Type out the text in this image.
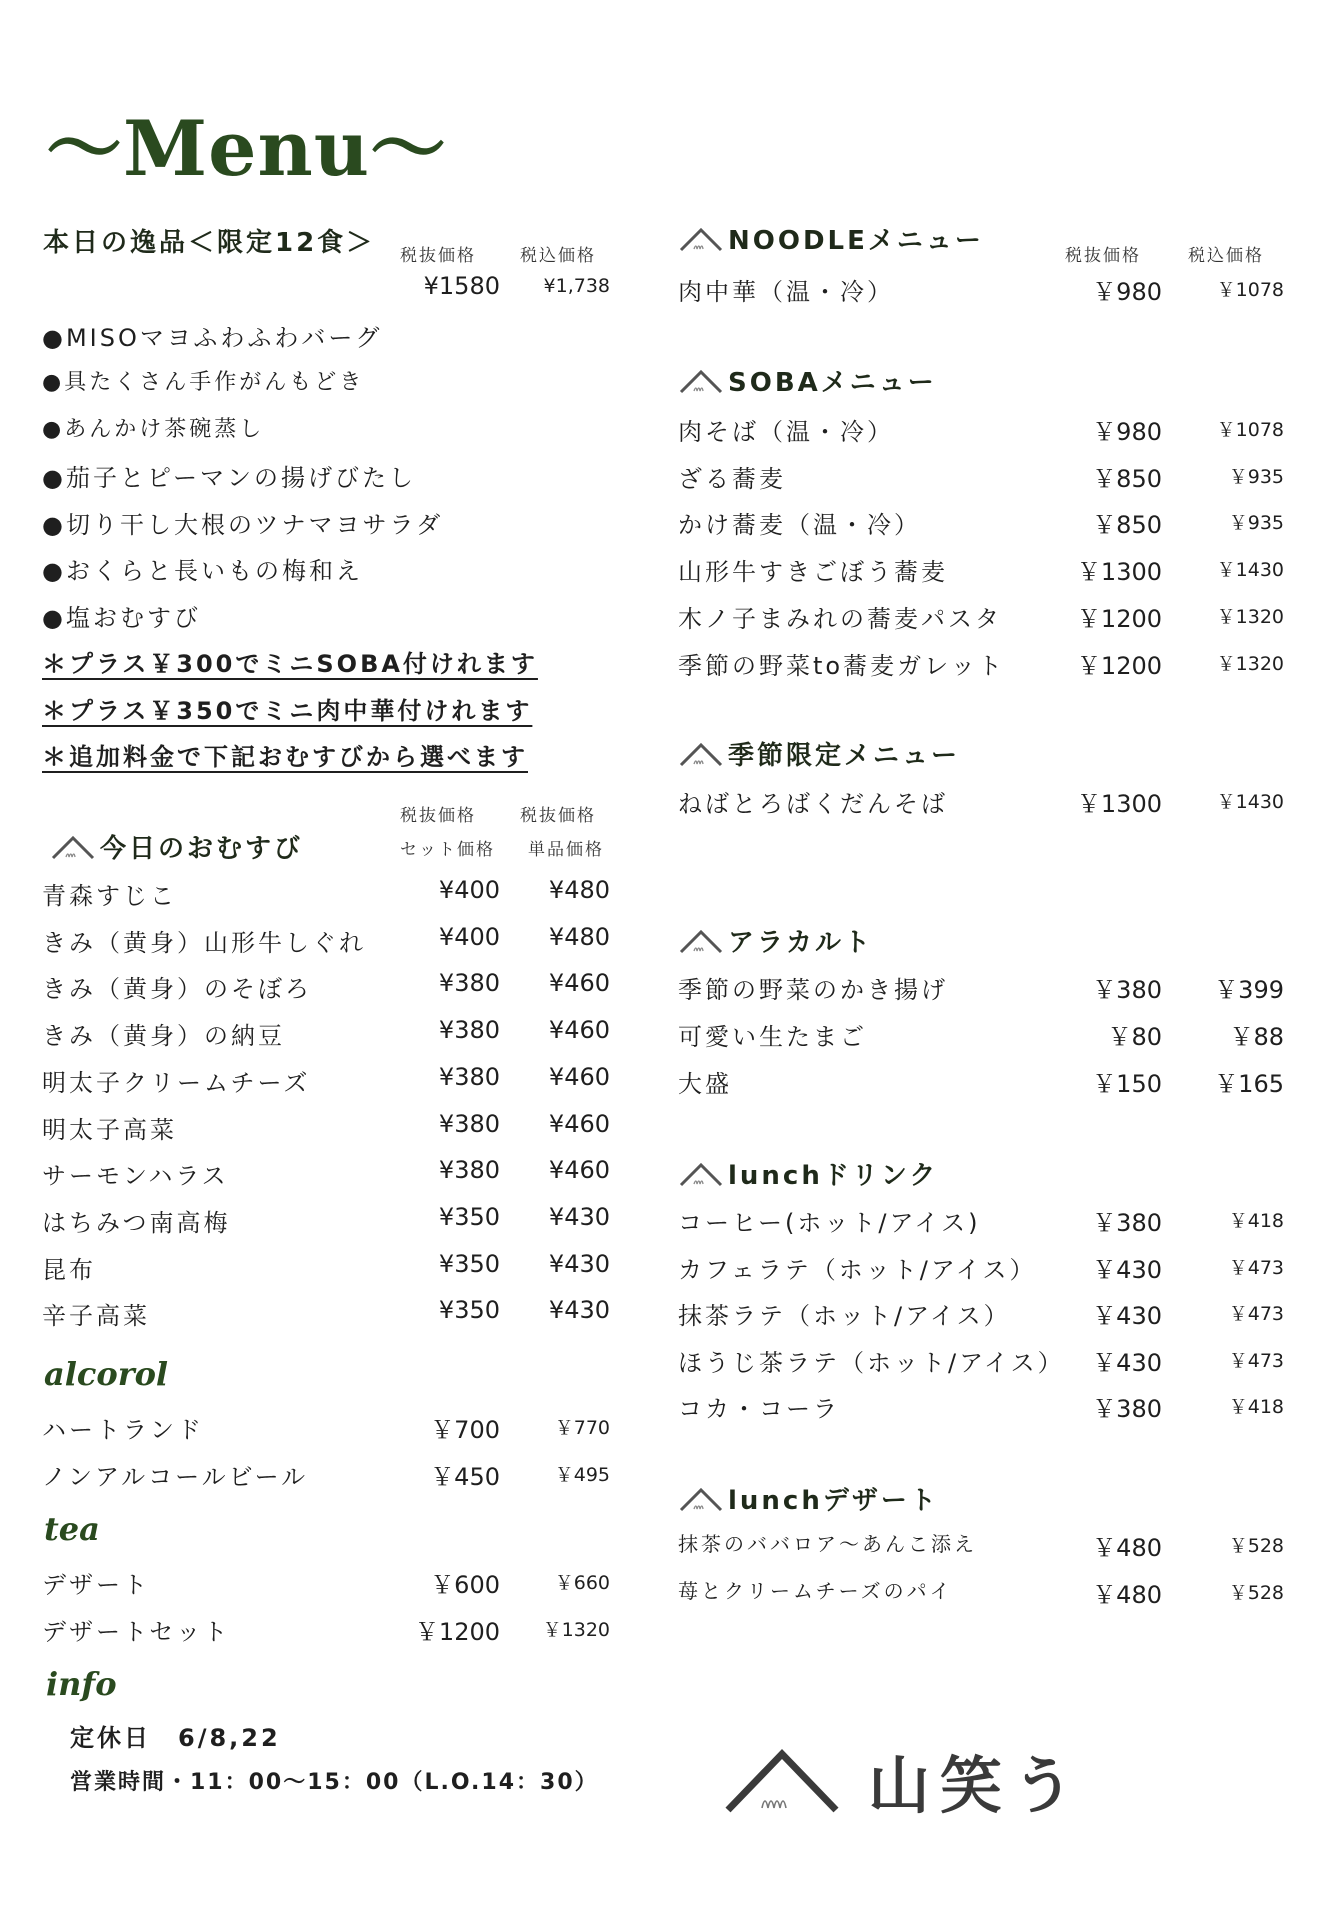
〜Menu〜
本日の逸品＜限定12食＞ 税抜価格	税込価格
¥1580 ¥1,738
●MISOマヨふわふわバーグ
●具たくさん手作がんもどき
●あんかけ茶碗蒸し
●茄子とピーマンの揚げびたし
●切り干し大根のツナマヨサラダ
●おくらと長いもの梅和え
●塩おむすび
＊プラス￥300でミニSOBA付けれます
＊プラス￥350でミニ肉中華付けれます
＊追加料金で下記おむすびから選べます
税抜価格	税抜価格
セット価格 単品価格
今日のおむすび
青森すじこ	¥400 ¥480
きみ（黄身）山形牛しぐれ	¥400 ¥480
きみ（黄身）のそぼろ	¥380 ¥460
きみ（黄身）の納豆	¥380 ¥460
明太子クリームチーズ	¥380 ¥460
明太子高菜	¥380 ¥460
サーモンハラス	¥380 ¥460
はちみつ南高梅	¥350 ¥430
昆布	¥350 ¥430
辛子高菜	¥350 ¥430
alcorol
ハートランド	￥700	￥770
ノンアルコールビール	￥450	￥495
tea
デザート	￥600	￥660
デザートセット	￥1200 ￥1320
info
定休日　6/8,22
営業時間・11：00〜15：00（L.O.14：30）
NOODLEメニュー	税抜価格	税込価格
肉中華（温・冷）	￥980	￥1078
SOBAメニュー
肉そば（温・冷）	￥980	￥1078
ざる蕎麦	￥850	￥935
かけ蕎麦（温・冷）	￥850	￥935
山形牛すきごぼう蕎麦	￥1300	￥1430
木ノ子まみれの蕎麦パスタ	￥1200	￥1320
季節の野菜to蕎麦ガレット	￥1200	￥1320
季節限定メニュー
ねばとろばくだんそば	￥1300	￥1430
アラカルト
季節の野菜のかき揚げ	￥380 ￥399
可愛い生たまご	￥80	￥88
大盛	￥150 ￥165
lunchドリンク
コーヒー(ホット/アイス)	￥380	￥418
カフェラテ（ホット/アイス） ￥430	￥473
抹茶ラテ（ホット/アイス）	￥430	￥473
ほうじ茶ラテ（ホット/アイス） ￥430	￥473
コカ・コーラ	￥380	￥418
lunchデザート
抹茶のババロア〜あんこ添え	￥480	￥528
苺とクリームチーズのパイ	￥480	￥528
山笑う
